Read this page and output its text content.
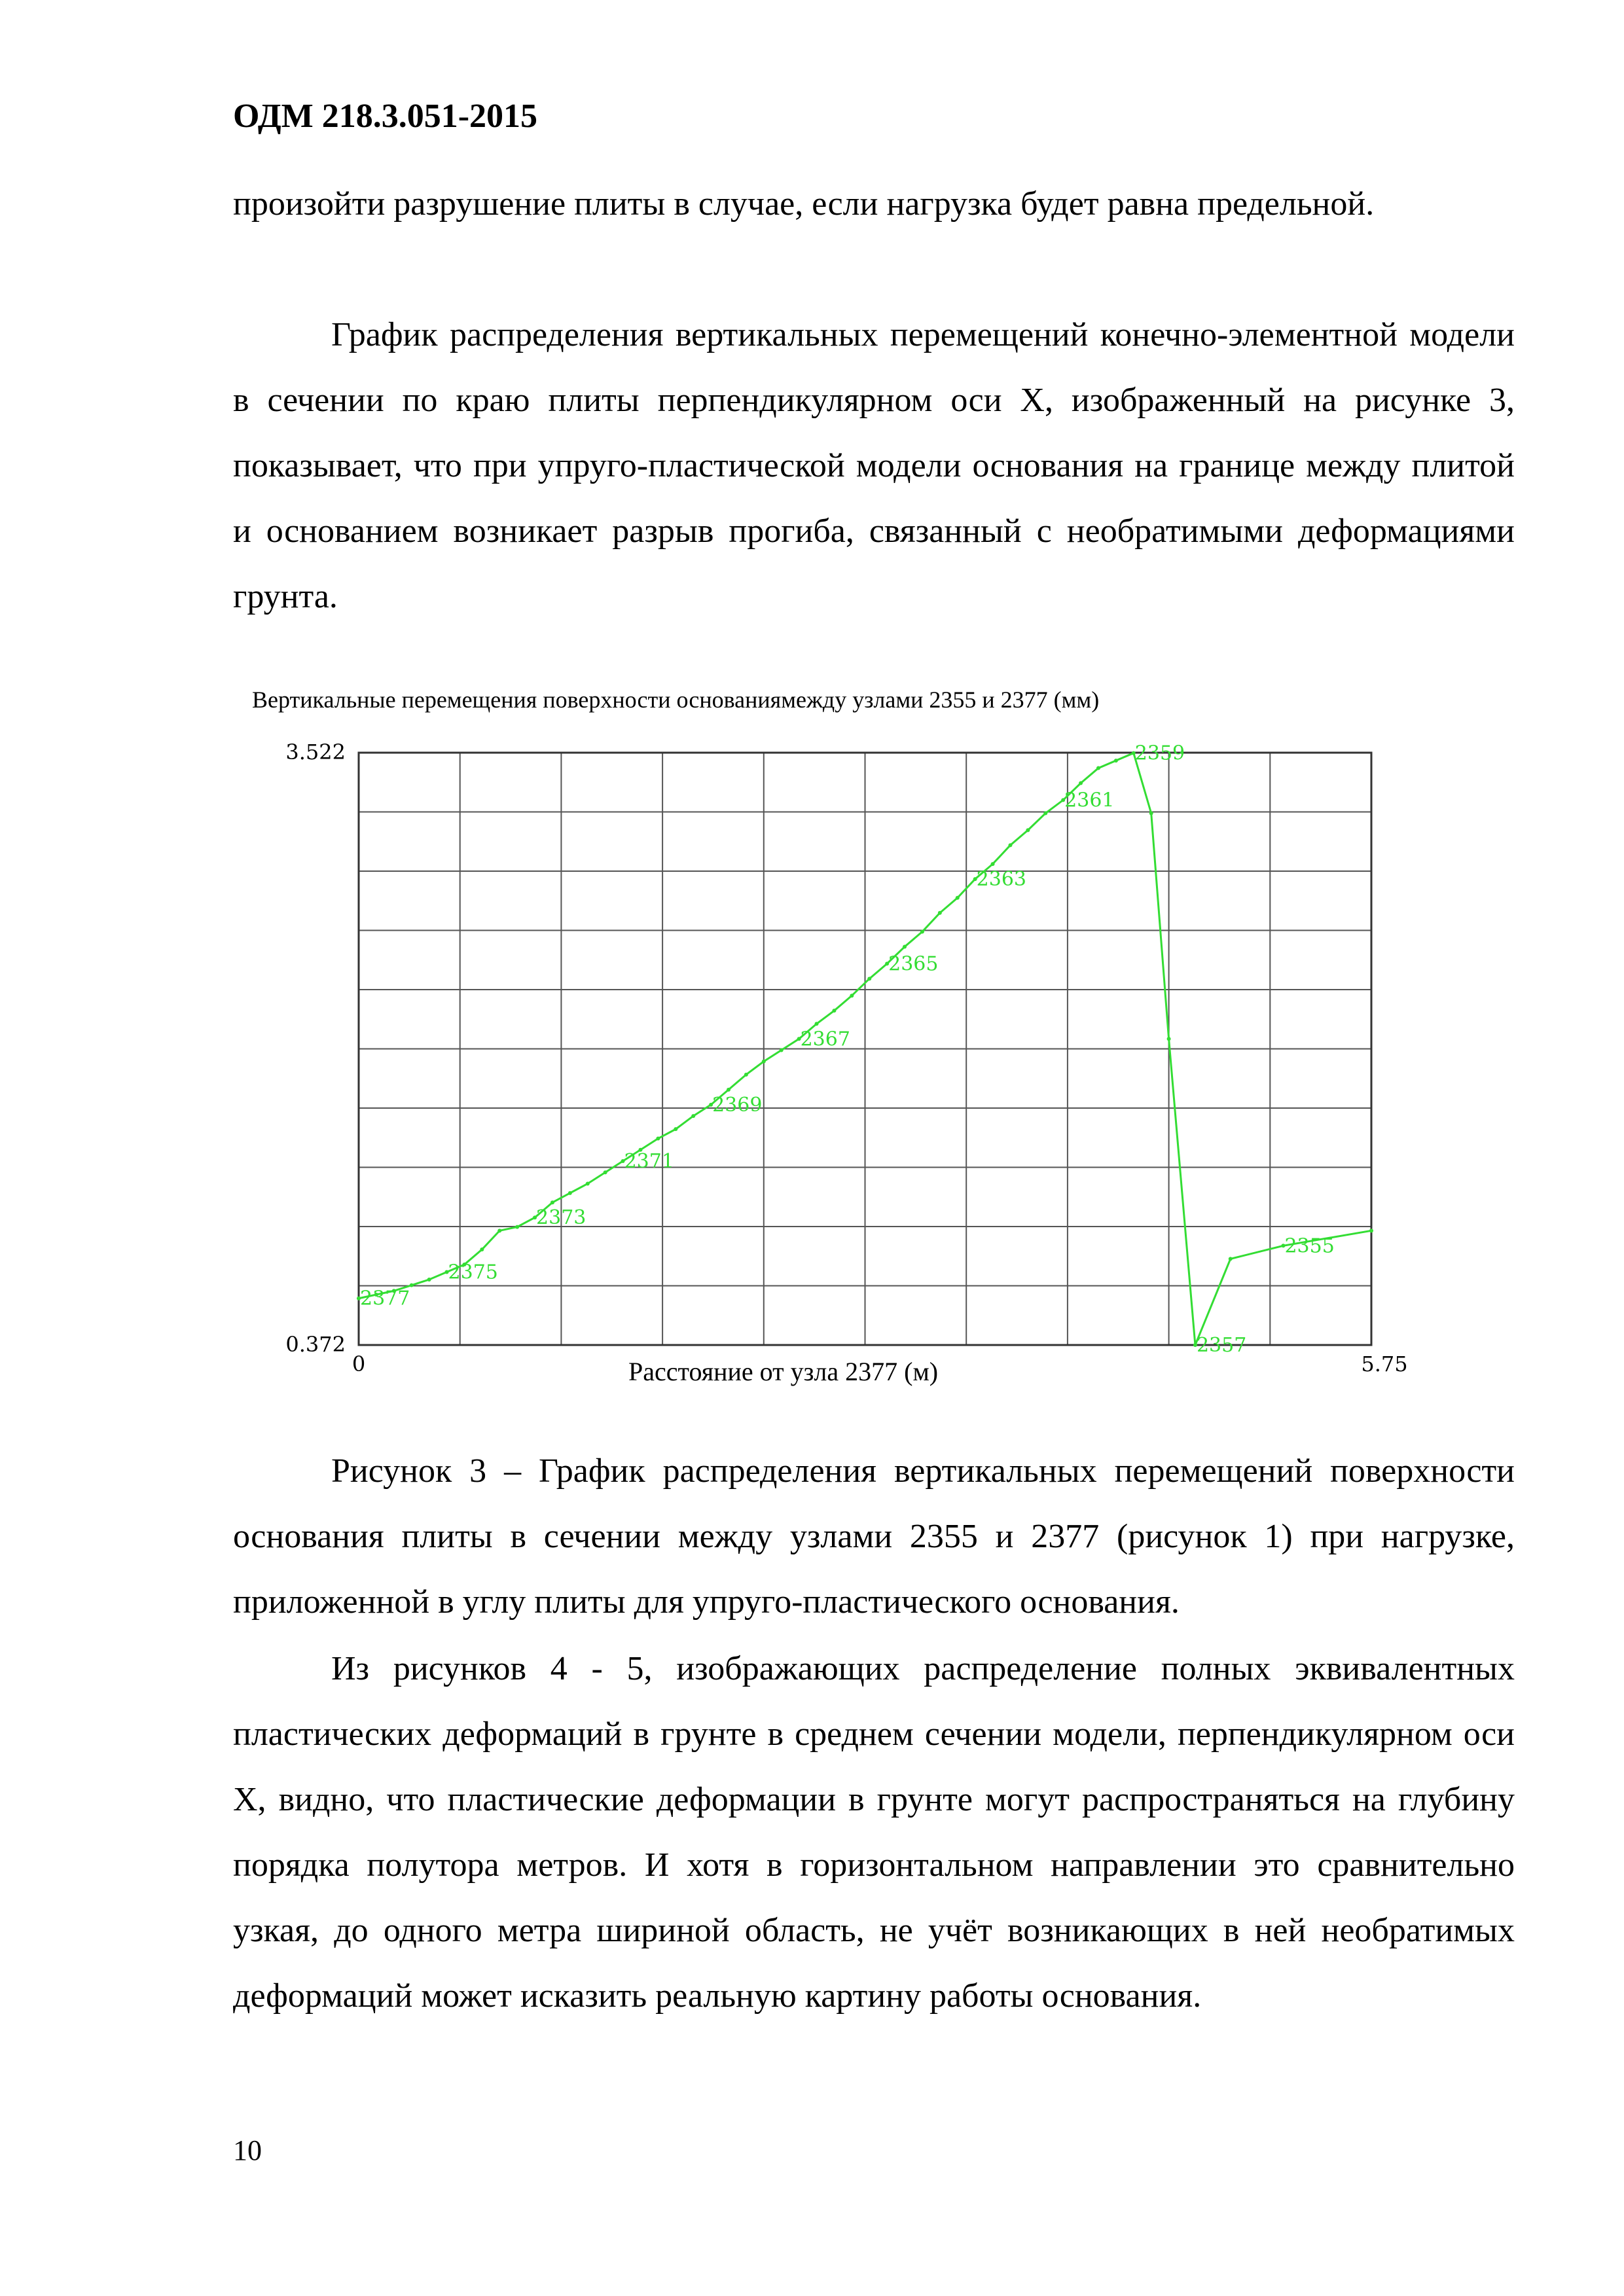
ОДМ 218.3.051-2015

произойти разрушение плиты в случае, если нагрузка будет равна предельной.

График распределения вертикальных перемещений конечно-элементной модели в сечении по краю плиты перпендикулярном оси X, изображенный на рисунке 3, показывает, что при упруго-пластической модели основания на границе между плитой и основанием возникает разрыв прогиба, связанный с необратимыми деформациями грунта.

Вертикальные перемещения поверхности основаниямежду узлами 2355 и 2377 (мм)
3.522
0.372
0	5.75
2377
2375
2373
2371
2369
2367
2365
2363
2361
2359
2357
2355
Расстояние от узла 2377 (м)

Рисунок 3 – График распределения вертикальных перемещений поверхности основания плиты в сечении между узлами 2355 и 2377 (рисунок 1) при нагрузке, приложенной в углу плиты для упруго-пластического основания.

Из рисунков 4 - 5, изображающих распределение полных эквивалентных пластических деформаций в грунте в среднем сечении модели, перпендикулярном оси X, видно, что пластические деформации в грунте могут распространяться на глубину порядка полутора метров. И хотя в горизонтальном направлении это сравнительно узкая, до одного метра шириной область, не учёт возникающих в ней необратимых деформаций может исказить реальную картину работы основания.

10
